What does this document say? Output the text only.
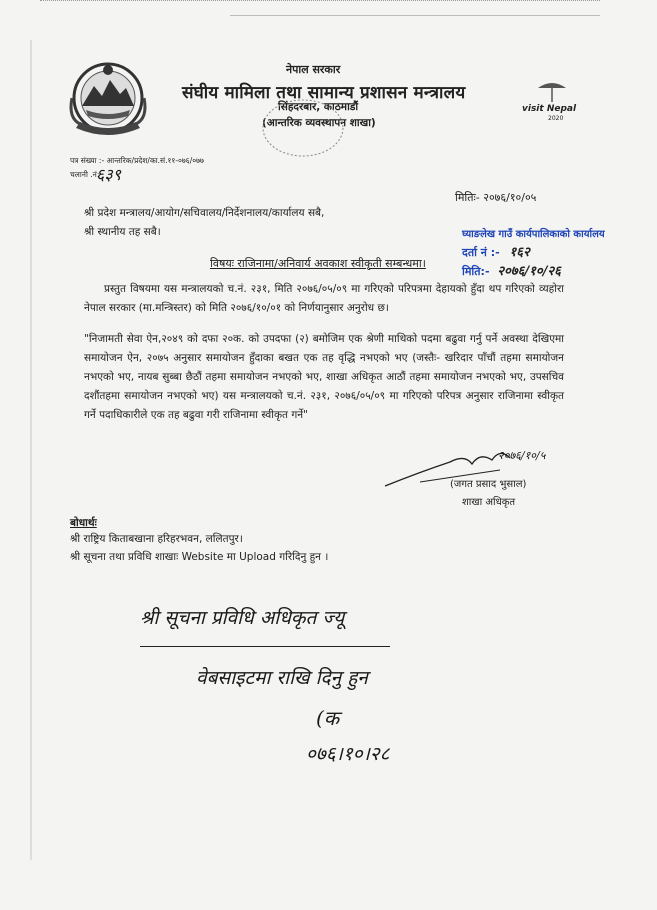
नेपाल सरकार
संघीय मामिला तथा सामान्य प्रशासन मन्त्रालय
सिंहदरबार, काठमाडौं
(आन्तरिक व्यवस्थापन शाखा)
visit Nepal
2020
पत्र संख्या :- आन्तरिक/प्रदेश/का.सं.११-०७६/०७७
चलानी .नं:
६३९
मितिः- २०७६/१०/०५
श्री प्रदेश मन्त्रालय/आयोग/सचिवालय/निर्देशनालय/कार्यालय सबै,
श्री स्थानीय तह सबै।	घ्याङलेख गाउँ कार्यपालिकाको कार्यालय
दर्ता नं :- १६२
मिति:- २०७६/१०/२६
विषयः राजिनामा/अनिवार्य अवकाश स्वीकृती सम्बन्धमा।
प्रस्तुत विषयमा यस मन्त्रालयको च.नं. २३१, मिति २०७६/०५/०९ मा गरिएको परिपत्रमा देहायको हुँदा थप गरिएको व्यहोरा नेपाल सरकार (मा.मन्त्रिस्तर) को मिति २०७६/१०/०१ को निर्णयानुसार अनुरोध छ।
"निजामती सेवा ऐन,२०४९ को दफा २०क. को उपदफा (२) बमोजिम एक श्रेणी माथिको पदमा बढुवा गर्नु पर्ने अवस्था देखिएमा समायोजन ऐन, २०७५ अनुसार समायोजन हुँदाका बखत एक तह वृद्धि नभएको भए (जस्तैः- खरिदार पाँचौं तहमा समायोजन नभएको भए, नायब सुब्बा छैठौं तहमा समायोजन नभएको भए, शाखा अधिकृत आठौं तहमा समायोजन नभएको भए, उपसचिव दशौंतहमा समायोजन नभएको भए) यस मन्त्रालयको च.नं. २३१, २०७६/०५/०९ मा गरिएको परिपत्र अनुसार राजिनामा स्वीकृत गर्ने पदाधिकारीले एक तह बढुवा गरी राजिनामा स्वीकृत गर्ने"
२०७६/१०/५
(जगत प्रसाद भुसाल)
शाखा अधिकृत
बोधार्थः
श्री राष्ट्रिय किताबखाना हरिहरभवन, ललितपुर।
श्री सूचना तथा प्रविधि शाखाः Website मा Upload गरिदिनु हुन ।
श्री सूचना प्रविधि अधिकृत ज्यू
वेबसाइटमा राखि दिनु हुन
(क
०७६।१०।२८
